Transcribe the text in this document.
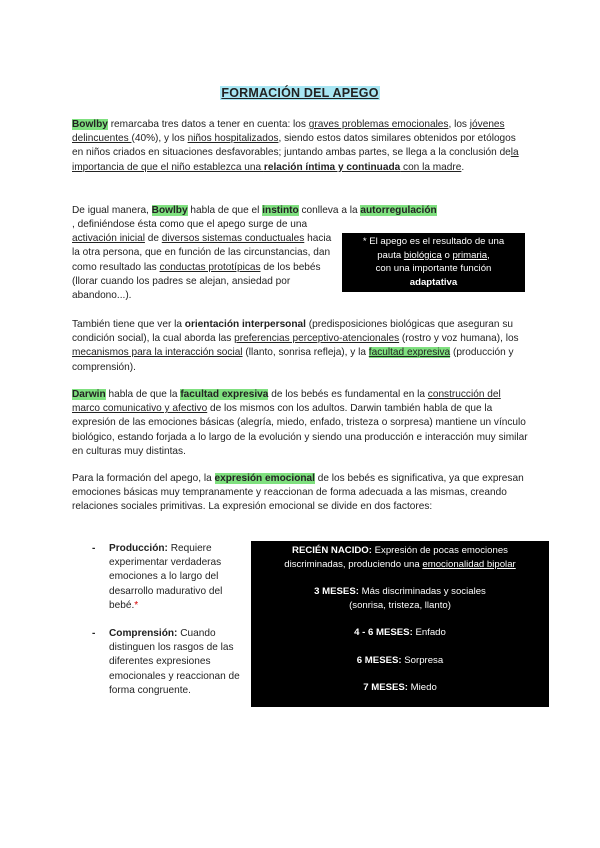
FORMACIÓN DEL APEGO

Bowlby remarcaba tres datos a tener en cuenta: los graves problemas emocionales, los jóvenes delincuentes (40%), y los niños hospitalizados, siendo estos datos similares obtenidos por etólogos en niños criados en situaciones desfavorables; juntando ambas partes, se llega a la conclusión dela importancia de que el niño establezca una relación íntima y continuada con la madre.

De igual manera, Bowlby habla de que el instinto conlleva a la autorregulación

, definiéndose ésta como que el apego surge de una activación inicial de diversos sistemas conductuales hacia la otra persona, que en función de las circunstancias, dan como resultado las conductas prototípicas de los bebés (llorar cuando los padres se alejan, ansiedad por abandono...).

* El apego es el resultado de una
pauta biológica o primaria,
con una importante función
adaptativa

También tiene que ver la orientación interpersonal (predisposiciones biológicas que aseguran su condición social), la cual aborda las preferencias perceptivo-atencionales (rostro y voz humana), los mecanismos para la interacción social (llanto, sonrisa refleja), y la facultad expresiva (producción y comprensión).

Darwin habla de que la facultad expresiva de los bebés es fundamental en la construcción del marco comunicativo y afectivo de los mismos con los adultos. Darwin también habla de que la expresión de las emociones básicas (alegría, miedo, enfado, tristeza o sorpresa) mantiene un vínculo biológico, estando forjada a lo largo de la evolución y siendo una producción e interacción muy similar en culturas muy distintas.

Para la formación del apego, la expresión emocional de los bebés es significativa, ya que expresan emociones básicas muy tempranamente y reaccionan de forma adecuada a las mismas, creando relaciones sociales primitivas. La expresión emocional se divide en dos factores:

- Producción: Requiere experimentar verdaderas emociones a lo largo del desarrollo madurativo del bebé.*
- Comprensión: Cuando distinguen los rasgos de las diferentes expresiones emocionales y reaccionan de forma congruente.
RECIÉN NACIDO: Expresión de pocas emociones
discriminadas, produciendo una emocionalidad bipolar
3 MESES: Más discriminadas y sociales
(sonrisa, tristeza, llanto)
4 - 6 MESES: Enfado
6 MESES: Sorpresa
7 MESES: Miedo
